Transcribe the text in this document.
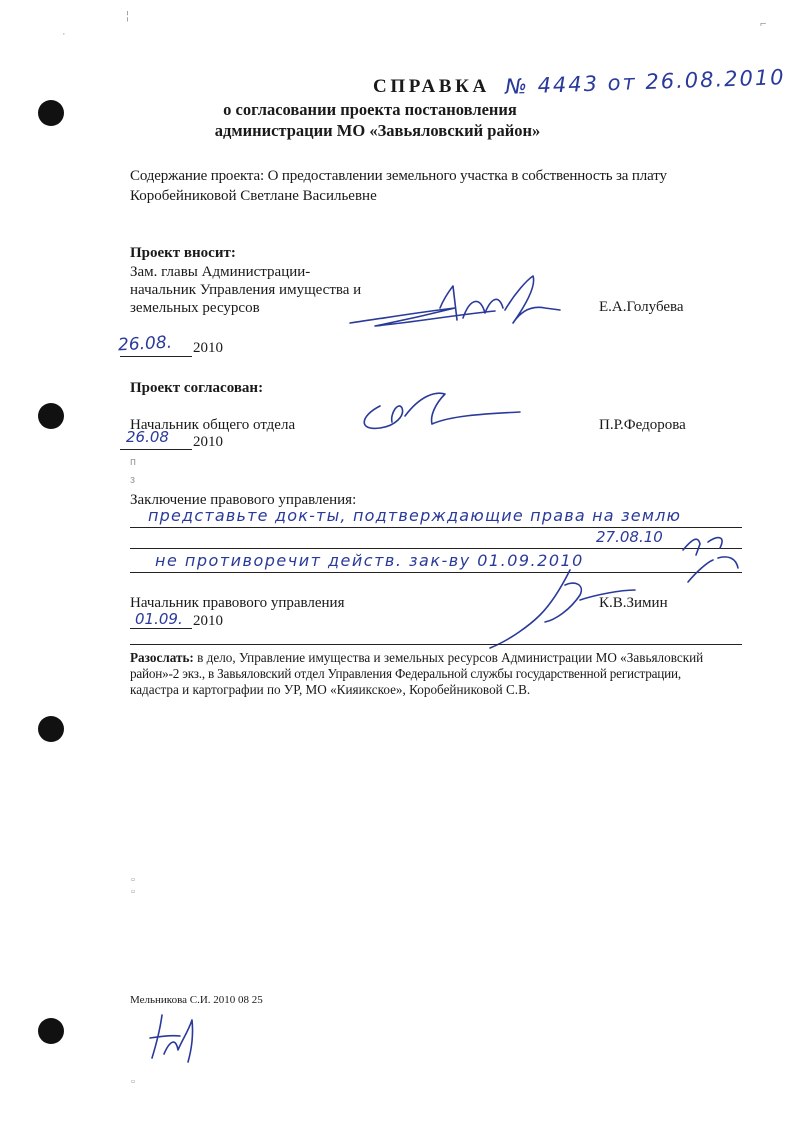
·
¦
⌐
СПРАВКА № 4443 от 26.08.2010
о согласовании проекта постановления
администрации МО «Завьяловский район»
Содержание проекта: О предоставлении земельного участка в собственность за плату
Коробейниковой Светлане Васильевне
Проект вносит:
Зам. главы Администрации-
начальник Управления имущества и
земельных ресурсов	Е.А.Голубева
26.08. 2010
Проект согласован:
Начальник общего отдела	П.Р.Федорова
26.08 2010
п
з
Заключение правового управления:
представьте док-ты, подтверждающие права на землю
27.08.10
не противоречит действ. зак-ву 01.09.2010
Начальник правового управления	К.В.Зимин
01.09. 2010
Разослать: в дело, Управление имущества и земельных ресурсов Администрации МО «Завьяловский
район»-2 экз., в Завьяловский отдел Управления Федеральной службы государственной регистрации,
кадастра и картографии по УР, МО «Кияикское», Коробейниковой С.В.
▫
▫
▫
Мельникова С.И. 2010 08 25
